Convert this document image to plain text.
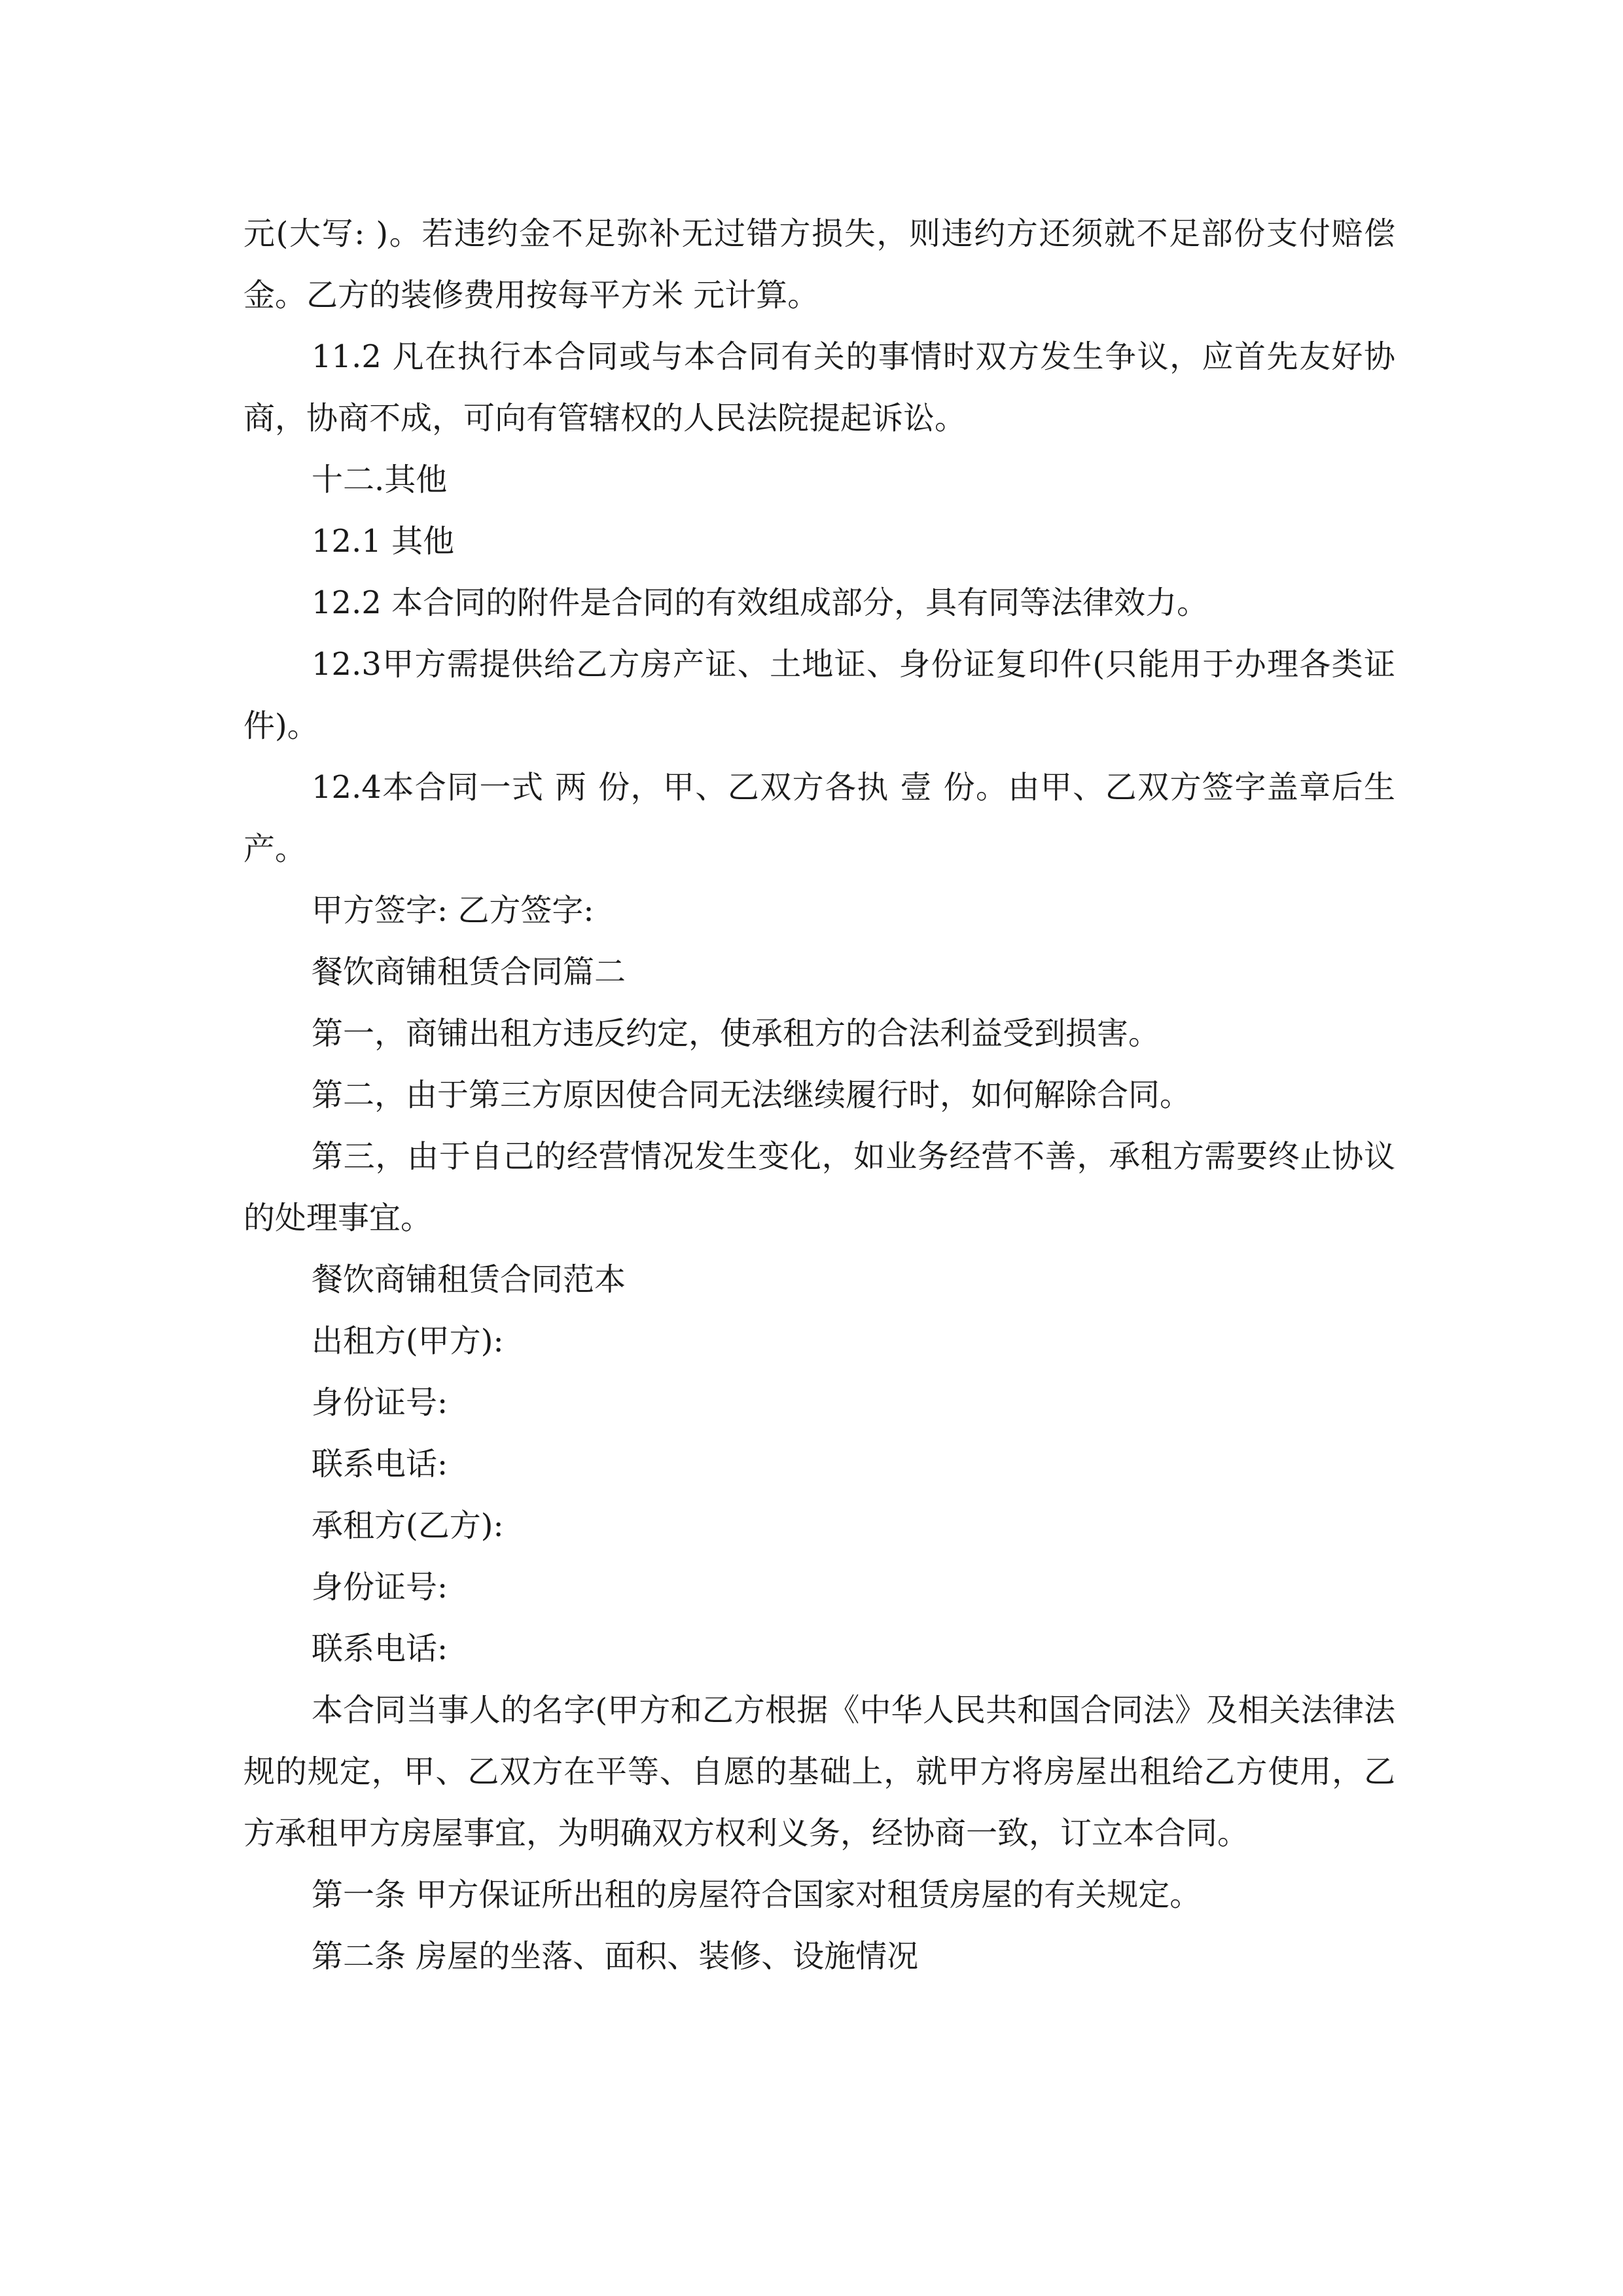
元(大写: )。若违约金不足弥补无过错方损失，则违约方还须就不足部份支付赔偿金。乙方的装修费用按每平方米 元计算。

11.2 凡在执行本合同或与本合同有关的事情时双方发生争议，应首先友好协商，协商不成，可向有管辖权的人民法院提起诉讼。

十二.其他

12.1 其他

12.2 本合同的附件是合同的有效组成部分，具有同等法律效力。

12.3甲方需提供给乙方房产证、土地证、身份证复印件(只能用于办理各类证件)。

12.4本合同一式 两 份，甲、乙双方各执 壹 份。由甲、乙双方签字盖章后生产。

甲方签字: 乙方签字:

餐饮商铺租赁合同篇二

第一，商铺出租方违反约定，使承租方的合法利益受到损害。

第二，由于第三方原因使合同无法继续履行时，如何解除合同。

第三，由于自己的经营情况发生变化，如业务经营不善，承租方需要终止协议的处理事宜。

餐饮商铺租赁合同范本

出租方(甲方):

身份证号:

联系电话:

承租方(乙方):

身份证号:

联系电话:

本合同当事人的名字(甲方和乙方根据《中华人民共和国合同法》及相关法律法规的规定，甲、乙双方在平等、自愿的基础上，就甲方将房屋出租给乙方使用，乙方承租甲方房屋事宜，为明确双方权利义务，经协商一致，订立本合同。

第一条 甲方保证所出租的房屋符合国家对租赁房屋的有关规定。

第二条 房屋的坐落、面积、装修、设施情况
